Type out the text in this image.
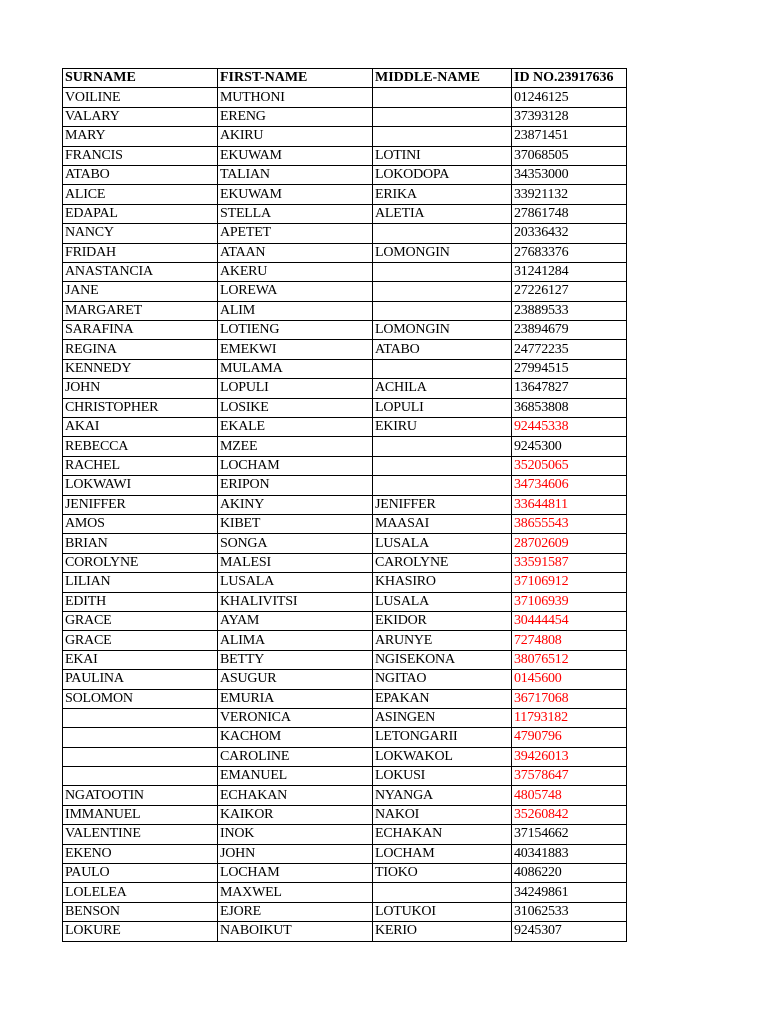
SURNAME	FIRST-NAME	MIDDLE-NAME	ID NO.23917636
VOILINE	MUTHONI		01246125
VALARY	ERENG		37393128
MARY	AKIRU		23871451
FRANCIS	EKUWAM	LOTINI	37068505
ATABO	TALIAN	LOKODOPA	34353000
ALICE	EKUWAM	ERIKA	33921132
EDAPAL	STELLA	ALETIA	27861748
NANCY	APETET		20336432
FRIDAH	ATAAN	LOMONGIN	27683376
ANASTANCIA	AKERU		31241284
JANE	LOREWA		27226127
MARGARET	ALIM		23889533
SARAFINA	LOTIENG	LOMONGIN	23894679
REGINA	EMEKWI	ATABO	24772235
KENNEDY	MULAMA		27994515
JOHN	LOPULI	ACHILA	13647827
CHRISTOPHER	LOSIKE	LOPULI	36853808
AKAI	EKALE	EKIRU	92445338
REBECCA	MZEE		9245300
RACHEL	LOCHAM		35205065
LOKWAWI	ERIPON		34734606
JENIFFER	AKINY	JENIFFER	33644811
AMOS	KIBET	MAASAI	38655543
BRIAN	SONGA	LUSALA	28702609
COROLYNE	MALESI	CAROLYNE	33591587
LILIAN	LUSALA	KHASIRO	37106912
EDITH	KHALIVITSI	LUSALA	37106939
GRACE	AYAM	EKIDOR	30444454
GRACE	ALIMA	ARUNYE	7274808
EKAI	BETTY	NGISEKONA	38076512
PAULINA	ASUGUR	NGITAO	0145600
SOLOMON	EMURIA	EPAKAN	36717068
	VERONICA	ASINGEN	11793182
	KACHOM	LETONGARII	4790796
	CAROLINE	LOKWAKOL	39426013
	EMANUEL	LOKUSI	37578647
NGATOOTIN	ECHAKAN	NYANGA	4805748
IMMANUEL	KAIKOR	NAKOI	35260842
VALENTINE	INOK	ECHAKAN	37154662
EKENO	JOHN	LOCHAM	40341883
PAULO	LOCHAM	TIOKO	4086220
LOLELEA	MAXWEL		34249861
BENSON	EJORE	LOTUKOI	31062533
LOKURE	NABOIKUT	KERIO	9245307
